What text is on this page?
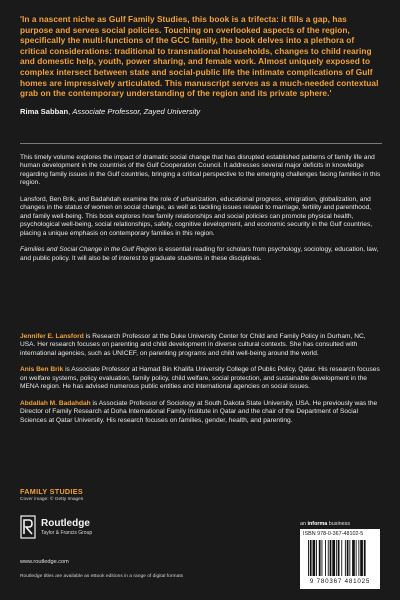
'In a nascent niche as Gulf Family Studies, this book is a trifecta: it fills a gap, has purpose and serves social policies. Touching on overlooked aspects of the region, specifically the multi-functions of the GCC family, the book delves into a plethora of critical considerations: traditional to transnational households, changes to child rearing and domestic help, youth, power sharing, and female work. Almost uniquely exposed to complex intersect between state and social-public life the intimate complications of Gulf homes are impressively articulated. This manuscript serves as a much-needed contextual grab on the contemporary understanding of the region and its private sphere.'

Rima Sabban, Associate Professor, Zayed University

This timely volume explores the impact of dramatic social change that has disrupted established patterns of family life and human development in the countries of the Gulf Cooperation Council. It addresses several major deficits in knowledge regarding family issues in the Gulf countries, bringing a critical perspective to the emerging challenges facing families in this region.

Lansford, Ben Brik, and Badahdah examine the role of urbanization, educational progress, emigration, globalization, and changes in the status of women on social change, as well as tackling issues related to marriage, fertility and parenthood, and family well-being. This book explores how family relationships and social policies can promote physical health, psychological well-being, social relationships, safety, cognitive development, and economic security in the Gulf countries, placing a unique emphasis on contemporary families in this region.

Families and Social Change in the Gulf Region is essential reading for scholars from psychology, sociology, education, law, and public policy. It will also be of interest to graduate students in these disciplines.

Jennifer E. Lansford is Research Professor at the Duke University Center for Child and Family Policy in Durham, NC, USA. Her research focuses on parenting and child development in diverse cultural contexts. She has consulted with international agencies, such as UNICEF, on parenting programs and child well-being around the world.

Anis Ben Brik is Associate Professor at Hamad Bin Khalifa University College of Public Policy, Qatar. His research focuses on welfare systems, policy evaluation, family policy, child welfare, social protection, and sustainable development in the MENA region. He has advised numerous public entities and international agencies on social issues.

Abdallah M. Badahdah is Associate Professor of Sociology at South Dakota State University, USA. He previously was the Director of Family Research at Doha International Family Institute in Qatar and the chair of the Department of Social Sciences at Qatar University. His research focuses on families, gender, health, and parenting.

FAMILY STUDIES
Cover image: © Getty Images
Routledge
Taylor & Francis Group
www.routledge.com
Routledge titles are available as eBook editions in a range of digital formats
an informa business
ISBN 978-0-367-48102-5
9 780367 481025
